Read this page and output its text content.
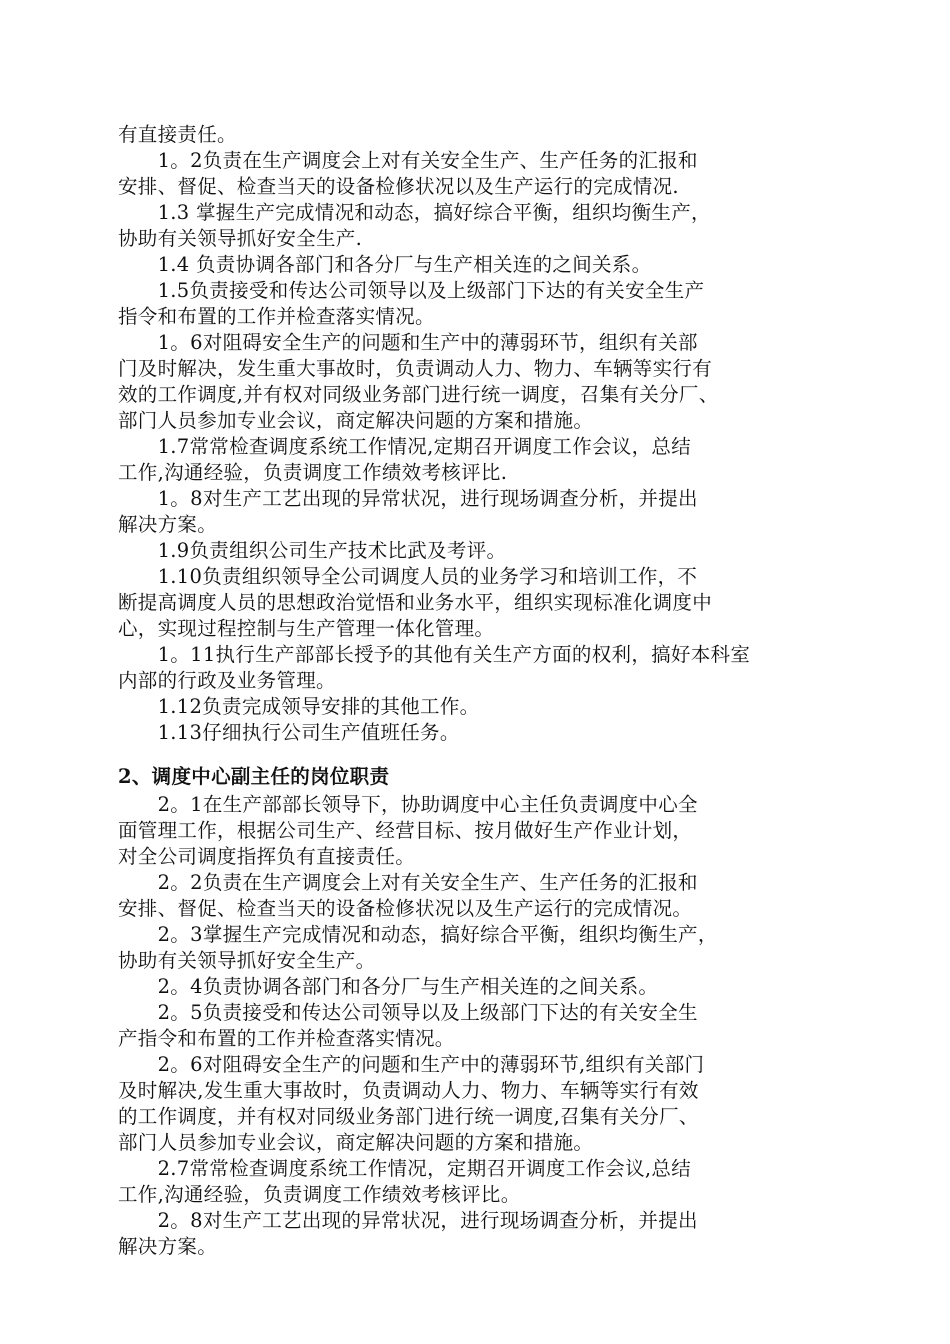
有直接责任。
　　1。2负责在生产调度会上对有关安全生产、生产任务的汇报和
安排、督促、检查当天的设备检修状况以及生产运行的完成情况.
　　1.3 掌握生产完成情况和动态，搞好综合平衡，组织均衡生产，
协助有关领导抓好安全生产.
　　1.4 负责协调各部门和各分厂与生产相关连的之间关系。
　　1.5负责接受和传达公司领导以及上级部门下达的有关安全生产
指令和布置的工作并检查落实情况。
　　1。6对阻碍安全生产的问题和生产中的薄弱环节，组织有关部
门及时解决，发生重大事故时，负责调动人力、物力、车辆等实行有
效的工作调度,并有权对同级业务部门进行统一调度，召集有关分厂、
部门人员参加专业会议，商定解决问题的方案和措施。
　　1.7常常检查调度系统工作情况,定期召开调度工作会议，总结
工作,沟通经验，负责调度工作绩效考核评比.
　　1。8对生产工艺出现的异常状况，进行现场调查分析，并提出
解决方案。
　　1.9负责组织公司生产技术比武及考评。
　　1.10负责组织领导全公司调度人员的业务学习和培训工作，不
断提高调度人员的思想政治觉悟和业务水平，组织实现标准化调度中
心，实现过程控制与生产管理一体化管理。
　　1。11执行生产部部长授予的其他有关生产方面的权利，搞好本科室
内部的行政及业务管理。
　　1.12负责完成领导安排的其他工作。
　　1.13仔细执行公司生产值班任务。
2、调度中心副主任的岗位职责
　　2。1在生产部部长领导下，协助调度中心主任负责调度中心全
面管理工作，根据公司生产、经营目标、按月做好生产作业计划，
对全公司调度指挥负有直接责任。
　　2。2负责在生产调度会上对有关安全生产、生产任务的汇报和
安排、督促、检查当天的设备检修状况以及生产运行的完成情况。
　　2。3掌握生产完成情况和动态，搞好综合平衡，组织均衡生产，
协助有关领导抓好安全生产。
　　2。4负责协调各部门和各分厂与生产相关连的之间关系。
　　2。5负责接受和传达公司领导以及上级部门下达的有关安全生
产指令和布置的工作并检查落实情况。
　　2。6对阻碍安全生产的问题和生产中的薄弱环节,组织有关部门
及时解决,发生重大事故时，负责调动人力、物力、车辆等实行有效
的工作调度，并有权对同级业务部门进行统一调度,召集有关分厂、
部门人员参加专业会议，商定解决问题的方案和措施。
　　2.7常常检查调度系统工作情况，定期召开调度工作会议,总结
工作,沟通经验，负责调度工作绩效考核评比。
　　2。8对生产工艺出现的异常状况，进行现场调查分析，并提出
解决方案。
